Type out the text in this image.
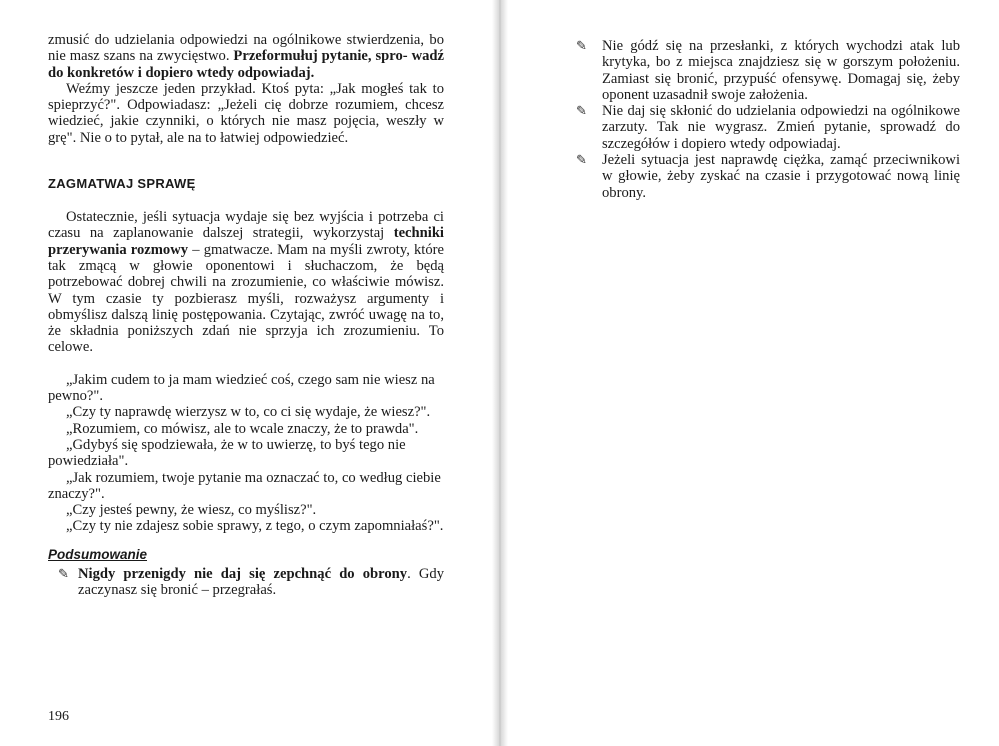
zmusić do udzielania odpowiedzi na ogólnikowe stwierdzenia, bo nie masz szans na zwycięstwo. Przeformułuj pytanie, spro- wadź do konkretów i dopiero wtedy odpowiadaj.

Weźmy jeszcze jeden przykład. Ktoś pyta: „Jak mogłeś tak to spieprzyć?". Odpowiadasz: „Jeżeli cię dobrze rozumiem, chcesz wiedzieć, jakie czynniki, o których nie masz pojęcia, weszły w grę". Nie o to pytał, ale na to łatwiej odpowiedzieć.

ZAGMATWAJ SPRAWĘ

Ostatecznie, jeśli sytuacja wydaje się bez wyjścia i potrzeba ci czasu na zaplanowanie dalszej strategii, wykorzystaj techniki przerywania rozmowy – gmatwacze. Mam na myśli zwroty, które tak zmącą w głowie oponentowi i słuchaczom, że będą potrzebować dobrej chwili na zrozumienie, co właściwie mówisz. W tym czasie ty pozbierasz myśli, rozważysz argumenty i obmyślisz dalszą linię postępowania. Czytając, zwróć uwagę na to, że składnia poniższych zdań nie sprzyja ich zrozumieniu. To celowe.

„Jakim cudem to ja mam wiedzieć coś, czego sam nie wiesz na pewno?".

„Czy ty naprawdę wierzysz w to, co ci się wydaje, że wiesz?".

„Rozumiem, co mówisz, ale to wcale znaczy, że to prawda".

„Gdybyś się spodziewała, że w to uwierzę, to byś tego nie powiedziała".

„Jak rozumiem, twoje pytanie ma oznaczać to, co według ciebie znaczy?".

„Czy jesteś pewny, że wiesz, co myślisz?".

„Czy ty nie zdajesz sobie sprawy, z tego, o czym zapomniałaś?".

Podsumowanie
✎ Nigdy przenigdy nie daj się zepchnąć do obrony. Gdy zaczynasz się bronić – przegrałaś.
196

✎ Nie gódź się na przesłanki, z których wychodzi atak lub krytyka, bo z miejsca znajdziesz się w gorszym położeniu. Zamiast się bronić, przypuść ofensywę. Domagaj się, żeby oponent uzasadnił swoje założenia.

✎ Nie daj się skłonić do udzielania odpowiedzi na ogólnikowe zarzuty. Tak nie wygrasz. Zmień pytanie, sprowadź do szczegółów i dopiero wtedy odpowiadaj.

✎ Jeżeli sytuacja jest naprawdę ciężka, zamąć przeciwnikowi w głowie, żeby zyskać na czasie i przygotować nową linię obrony.
